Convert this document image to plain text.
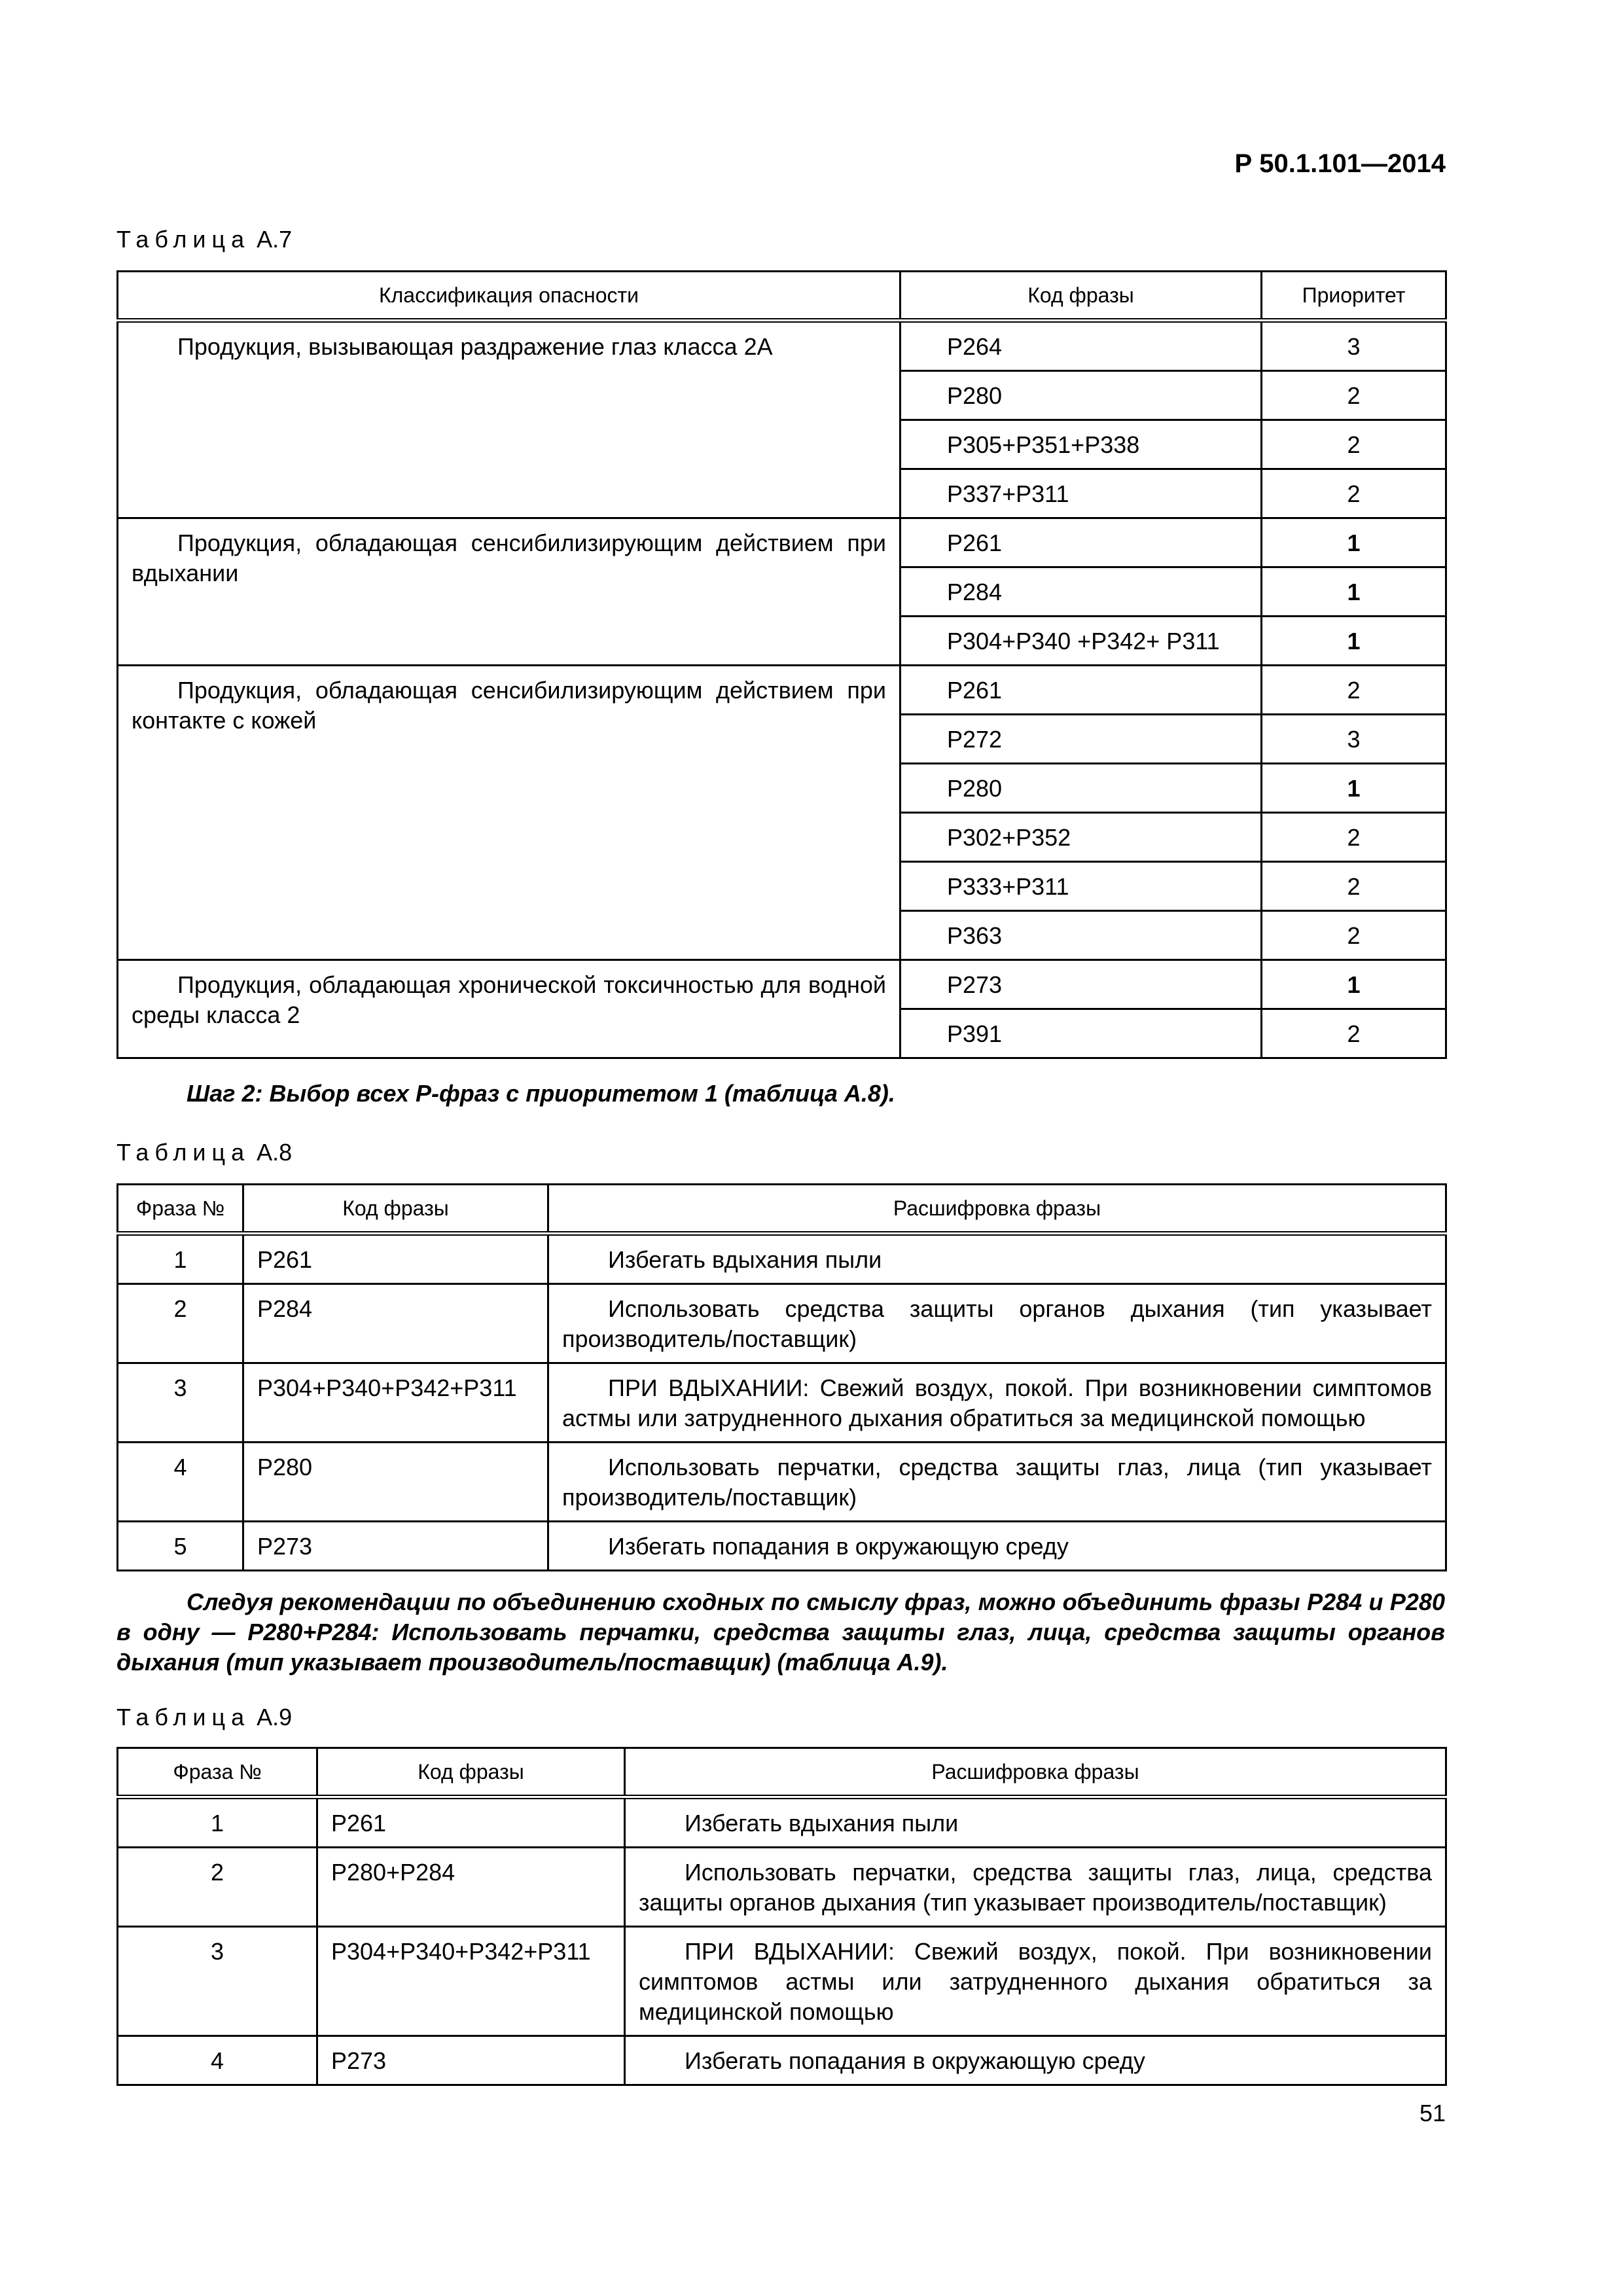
Р 50.1.101—2014
Таблица А.7
Классификация опасности	Код фразы	Приоритет
Продукция, вызывающая раздражение глаз класса 2А	Р264	3
	Р280	2
	Р305+Р351+Р338	2
	Р337+Р311	2
Продукция, обладающая сенсибилизирующим действием при вдыхании	Р261	1
	Р284	1
	Р304+Р340 +Р342+ Р311	1
Продукция, обладающая сенсибилизирующим действием при контакте с кожей	Р261	2
	Р272	3
	Р280	1
	Р302+Р352	2
	Р333+Р311	2
	Р363	2
Продукция, обладающая хронической токсичностью для водной среды класса 2	Р273	1
	Р391	2
Шаг 2: Выбор всех Р-фраз с приоритетом 1 (таблица А.8).
Таблица А.8
Фраза №	Код фразы	Расшифровка фразы
1	Р261	Избегать вдыхания пыли
2	Р284	Использовать средства защиты органов дыхания (тип указывает производитель/поставщик)
3	Р304+Р340+Р342+Р311	ПРИ ВДЫХАНИИ: Свежий воздух, покой. При возникновении симптомов астмы или затрудненного дыхания обратиться за медицинской помощью
4	Р280	Использовать перчатки, средства защиты глаз, лица (тип указывает производитель/поставщик)
5	Р273	Избегать попадания в окружающую среду
Следуя рекомендации по объединению сходных по смыслу фраз, можно объединить фразы Р284 и Р280 в одну — Р280+Р284: Использовать перчатки, средства защиты глаз, лица, средства защиты органов дыхания (тип указывает производитель/поставщик) (таблица А.9).
Таблица А.9
Фраза №	Код фразы	Расшифровка фразы
1	Р261	Избегать вдыхания пыли
2	Р280+Р284	Использовать перчатки, средства защиты глаз, лица, средства защиты органов дыхания (тип указывает производитель/поставщик)
3	Р304+Р340+Р342+Р311	ПРИ ВДЫХАНИИ: Свежий воздух, покой. При возникновении симптомов астмы или затрудненного дыхания обратиться за медицинской помощью
4	Р273	Избегать попадания в окружающую среду
51
